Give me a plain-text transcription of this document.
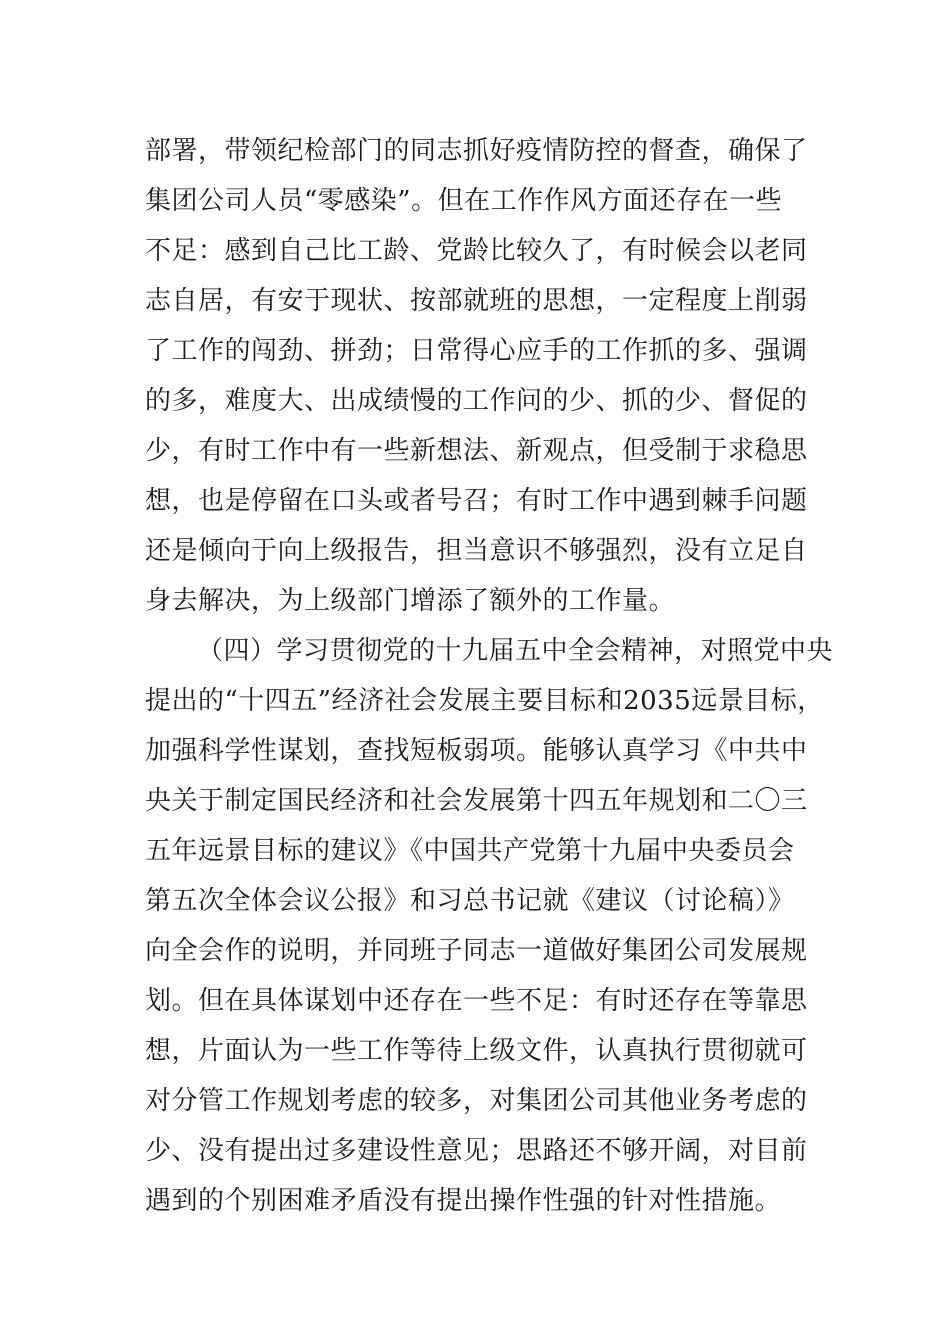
部署，带领纪检部门的同志抓好疫情防控的督查，确保了
集团公司人员“零感染”。但在工作作风方面还存在一些
不足：感到自己比工龄、党龄比较久了，有时候会以老同
志自居，有安于现状、按部就班的思想，一定程度上削弱
了工作的闯劲、拼劲；日常得心应手的工作抓的多、强调
的多，难度大、出成绩慢的工作问的少、抓的少、督促的
少，有时工作中有一些新想法、新观点，但受制于求稳思
想，也是停留在口头或者号召；有时工作中遇到棘手问题
还是倾向于向上级报告，担当意识不够强烈，没有立足自
身去解决，为上级部门增添了额外的工作量。
（四）学习贯彻党的十九届五中全会精神，对照党中央
提出的“十四五”经济社会发展主要目标和2035远景目标，
加强科学性谋划，查找短板弱项。能够认真学习《中共中
央关于制定国民经济和社会发展第十四五年规划和二〇三
五年远景目标的建议》《中国共产党第十九届中央委员会
第五次全体会议公报》和习总书记就《建议（讨论稿）》
向全会作的说明，并同班子同志一道做好集团公司发展规
划。但在具体谋划中还存在一些不足：有时还存在等靠思
想，片面认为一些工作等待上级文件，认真执行贯彻就可
对分管工作规划考虑的较多，对集团公司其他业务考虑的
少、没有提出过多建设性意见；思路还不够开阔，对目前
遇到的个别困难矛盾没有提出操作性强的针对性措施。
